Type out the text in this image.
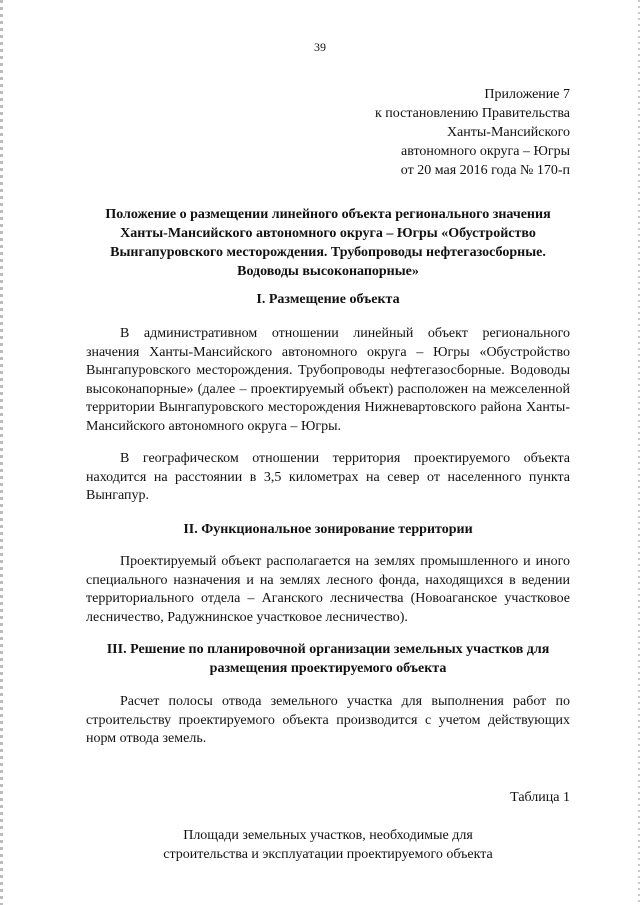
39
Приложение 7
к постановлению Правительства
Ханты-Мансийского
автономного округа – Югры
от 20 мая 2016 года № 170-п
Положение о размещении линейного объекта регионального значения Ханты-Мансийского автономного округа – Югры «Обустройство Вынгапуровского месторождения. Трубопроводы нефтегазосборные. Водоводы высоконапорные»
I. Размещение объекта
В административном отношении линейный объект регионального значения Ханты-Мансийского автономного округа – Югры «Обустройство Вынгапуровского месторождения. Трубопроводы нефтегазосборные. Водоводы высоконапорные» (далее – проектируемый объект) расположен на межселенной территории Вынгапуровского месторождения Нижневартовского района Ханты-Мансийского автономного округа – Югры.
В географическом отношении территория проектируемого объекта находится на расстоянии в 3,5 километрах на север от населенного пункта Вынгапур.
II. Функциональное зонирование территории
Проектируемый объект располагается на землях промышленного и иного специального назначения и на землях лесного фонда, находящихся в ведении территориального отдела – Аганского лесничества (Новоаганское участковое лесничество, Радужнинское участковое лесничество).
III. Решение по планировочной организации земельных участков для размещения проектируемого объекта
Расчет полосы отвода земельного участка для выполнения работ по строительству проектируемого объекта производится с учетом действующих норм отвода земель.
Таблица 1
Площади земельных участков, необходимые для
строительства и эксплуатации проектируемого объекта
